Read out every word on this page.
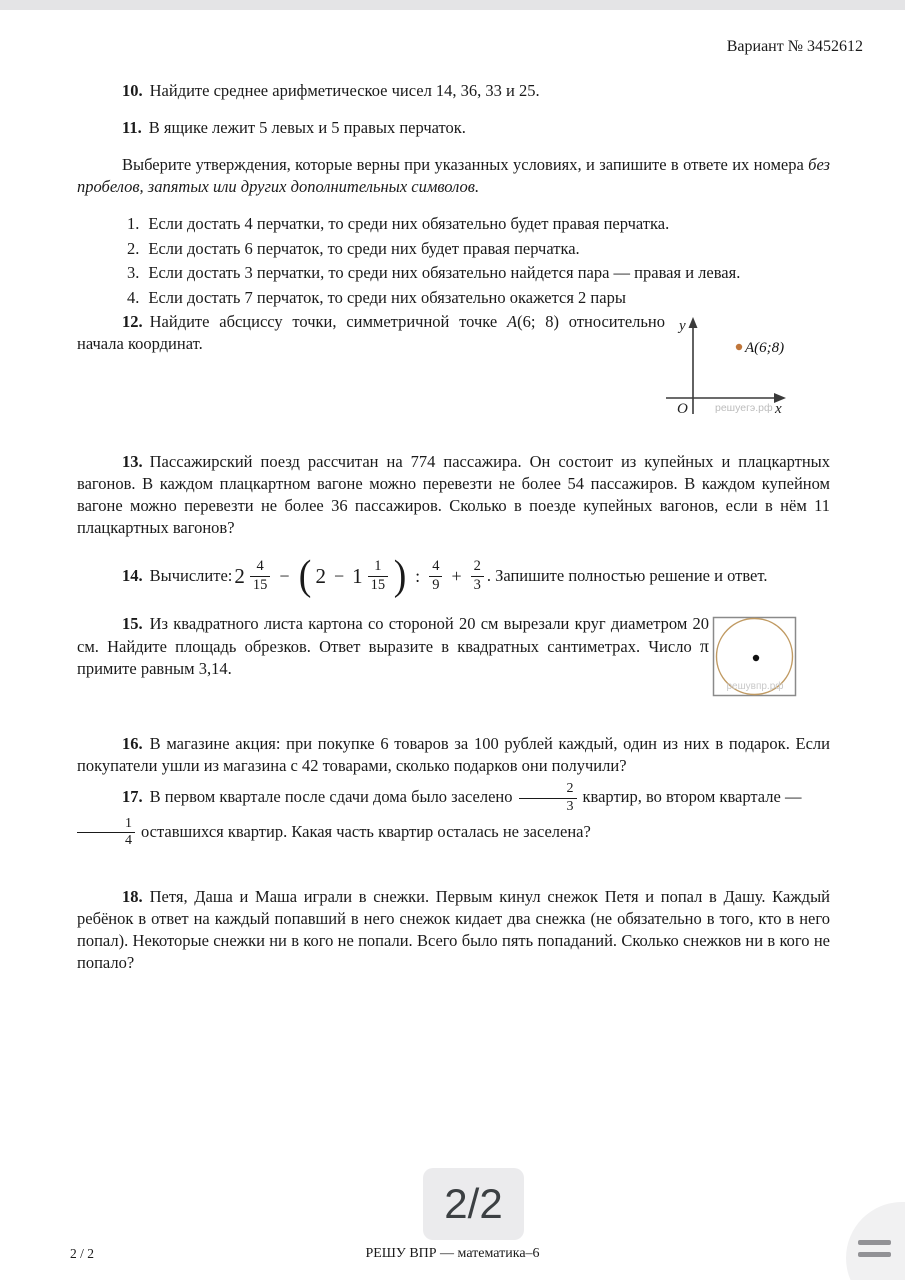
Вариант № 3452612
10. Найдите среднее арифметическое чисел 14, 36, 33 и 25.
11. В ящике лежит 5 левых и 5 правых перчаток.
Выберите утверждения, которые верны при указанных условиях, и запишите в ответе их номера без пробелов, запятых или других дополнительных символов.
1. Если достать 4 перчатки, то среди них обязательно будет правая перчатка.
2. Если достать 6 перчаток, то среди них будет правая перчатка.
3. Если достать 3 перчатки, то среди них обязательно найдется пара — правая и левая.
4. Если достать 7 перчаток, то среди них обязательно окажется 2 пары
12. Найдите абсциссу точки, симметричной точке A(6; 8) относительно начала координат.
y
x
O
A(6;8)
решуегэ.рф
13. Пассажирский поезд рассчитан на 774 пассажира. Он состоит из купейных и плацкартных вагонов. В каждом плацкартном вагоне можно перевезти не более 54 пассажиров. В каждом купейном вагоне можно перевезти не более 36 пассажиров. Сколько в поезде купейных вагонов, если в нём 11 плацкартных вагонов?
14. Вычислите: $2 \frac{4}{15}$ − ( $2 - 1 \frac{1}{15}$ ) : $\frac{4}{9} + \frac{2}{3}$ . Запишите полностью решение и ответ.
15. Из квадратного листа картона со стороной 20 см вырезали круг диаметром 20 см. Найдите площадь обрезков. Ответ выразите в квадратных сантиметрах. Число π примите равным 3,14.
решувпр.рф
16. В магазине акция: при покупке 6 товаров за 100 рублей каждый, один из них в подарок. Если покупатели ушли из магазина с 42 товарами, сколько подарков они получили?
17. В первом квартале после сдачи дома было заселено $\frac{2}{3}$ квартир, во втором квартале —

$\frac{1}{4}$ оставшихся квартир. Какая часть квартир осталась не заселена?
18. Петя, Даша и Маша играли в снежки. Первым кинул снежок Петя и попал в Дашу. Каждый ребёнок в ответ на каждый попавший в него снежок кидает два снежка (не обязательно в того, кто в него попал). Некоторые снежки ни в кого не попали. Всего было пять попаданий. Сколько снежков ни в кого не попало?
2/2
2 / 2	РЕШУ ВПР — математика–6
